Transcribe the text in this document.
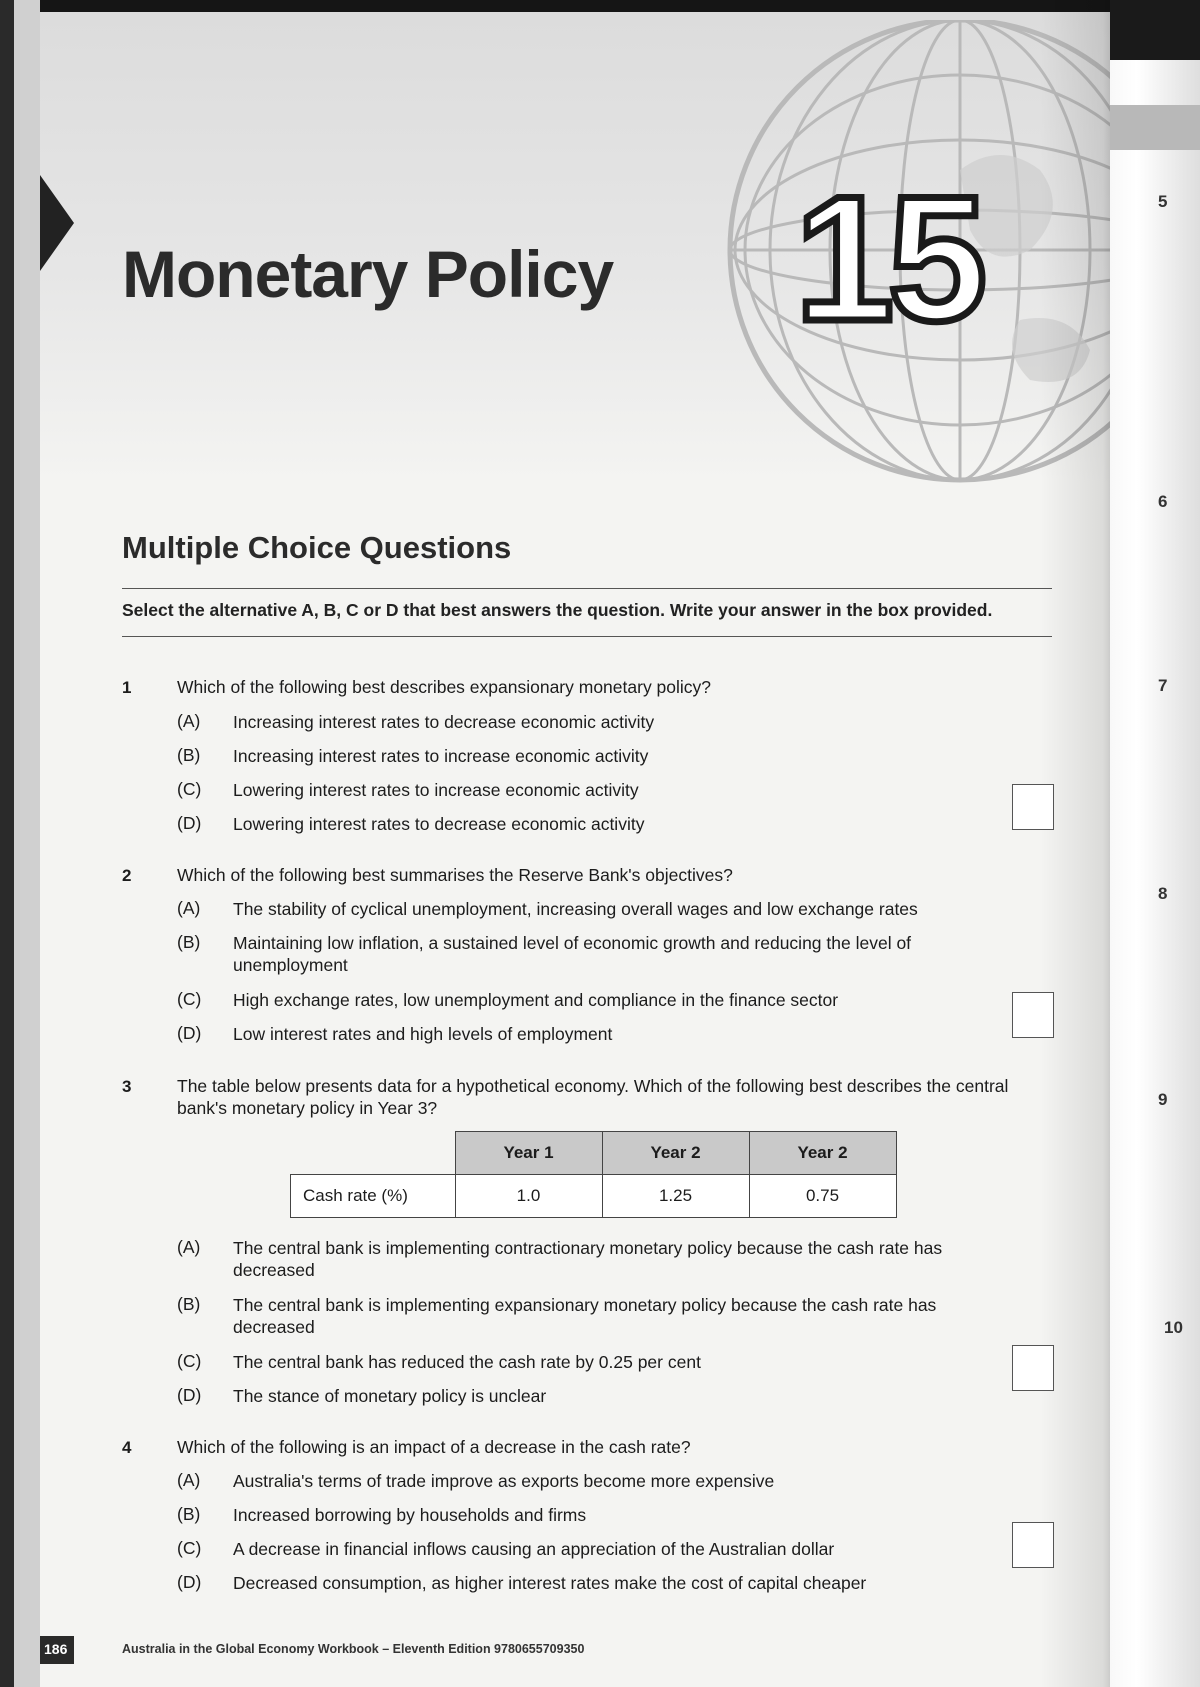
Monetary Policy 15	5
6
7
8
9
10
Multiple Choice Questions
Select the alternative A, B, C or D that best answers the question. Write your answer in the box provided.
1	Which of the following best describes expansionary monetary policy?
(A) Increasing interest rates to decrease economic activity
(B) Increasing interest rates to increase economic activity
(C) Lowering interest rates to increase economic activity
(D) Lowering interest rates to decrease economic activity
2	Which of the following best summarises the Reserve Bank's objectives?
(A) The stability of cyclical unemployment, increasing overall wages and low exchange rates
(B) Maintaining low inflation, a sustained level of economic growth and reducing the level of unemployment
(C) High exchange rates, low unemployment and compliance in the finance sector
(D) Low interest rates and high levels of employment
3	The table below presents data for a hypothetical economy. Which of the following best describes the central bank's monetary policy in Year 3?
	Year 1	Year 2	Year 2
Cash rate (%)	1.0	1.25	0.75
(A) The central bank is implementing contractionary monetary policy because the cash rate has decreased
(B) The central bank is implementing expansionary monetary policy because the cash rate has decreased
(C) The central bank has reduced the cash rate by 0.25 per cent
(D) The stance of monetary policy is unclear
4	Which of the following is an impact of a decrease in the cash rate?
(A) Australia's terms of trade improve as exports become more expensive
(B) Increased borrowing by households and firms
(C) A decrease in financial inflows causing an appreciation of the Australian dollar
(D) Decreased consumption, as higher interest rates make the cost of capital cheaper
186	Australia in the Global Economy Workbook – Eleventh Edition 9780655709350
